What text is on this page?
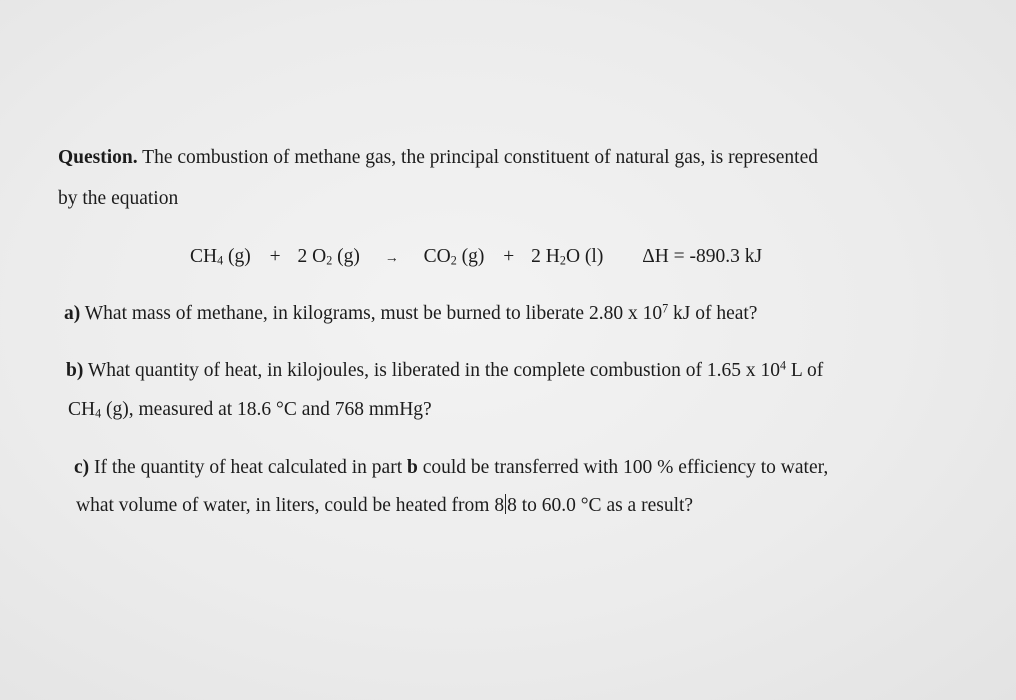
Question. The combustion of methane gas, the principal constituent of natural gas, is represented
by the equation
$CH_4$ (g) + 2 $O_2$ $(g) \to CO_2$ (g) + 2 $H_2O$ (l) ΔH = -890.3 kJ
a) What mass of methane, in kilograms, must be burned to liberate 2.80 x $10^7$ kJ of heat?
b) What quantity of heat, in kilojoules, is liberated in the complete combustion of 1.65 x $10^4$ L of
$CH_4$ (g), measured at 18.6 °C and 768 mmHg?
c) If the quantity of heat calculated in part b could be transferred with 100 % efficiency to water,
what volume of water, in liters, could be heated from 8 8 to 60.0 °C as a result?
